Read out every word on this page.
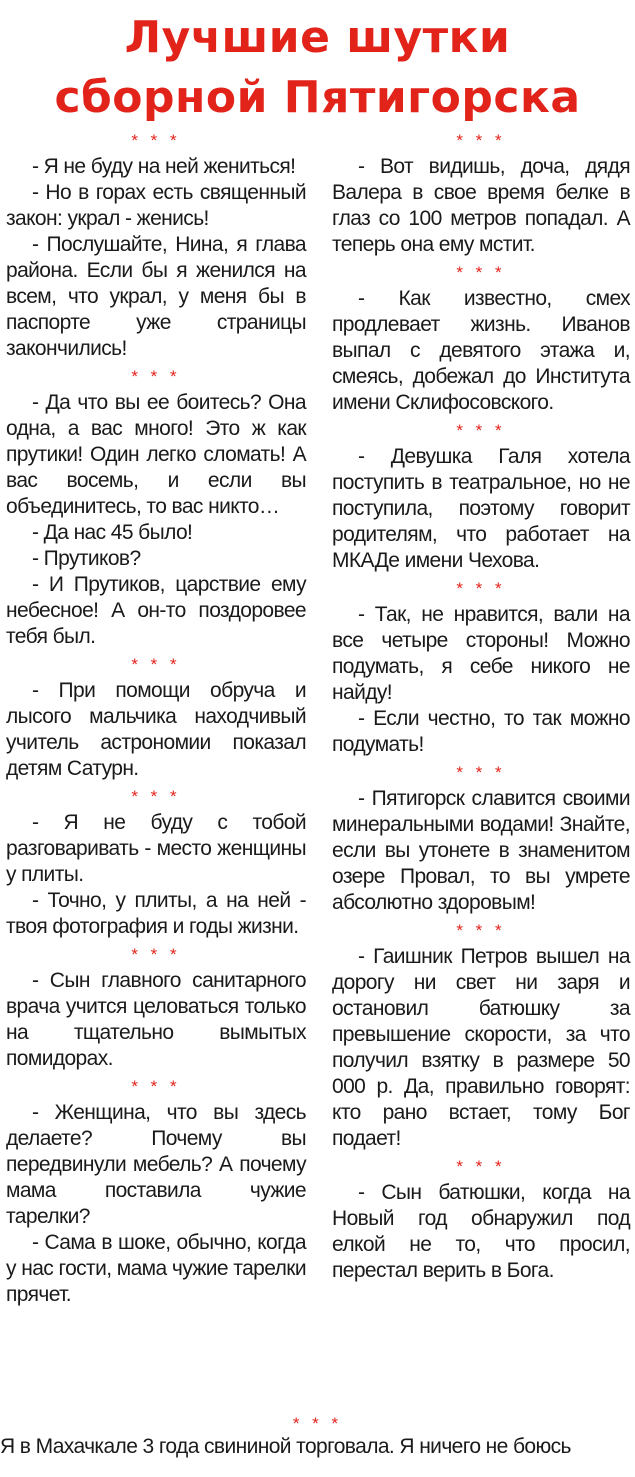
Лучшие шутки
сборной Пятигорска
* * *

- Я не буду на ней жениться!

- Но в горах есть священный закон: украл - женись!

- Послушайте, Нина, я глава района. Если бы я женился на всем, что украл, у меня бы в паспорте уже страницы закончились!

* * *

- Да что вы ее боитесь? Она одна, а вас много! Это ж как прутики! Один легко сломать! А вас восемь, и если вы объединитесь, то вас никто…

- Да нас 45 было!

- Прутиков?

- И Прутиков, царствие ему небесное! А он-то поздоровее тебя был.

* * *

- При помощи обруча и лысого мальчика находчивый учитель астрономии показал детям Сатурн.

* * *

- Я не буду с тобой разговаривать - место женщины у плиты.

- Точно, у плиты, а на ней - твоя фотография и годы жизни.

* * *

- Сын главного санитарного врача учится целоваться только на тщательно вымытых помидорах.

* * *

- Женщина, что вы здесь делаете? Почему вы передвинули мебель? А почему мама поставила чужие тарелки?

- Сама в шоке, обычно, когда у нас гости, мама чужие тарелки прячет.

* * *

- Вот видишь, доча, дядя Валера в свое время белке в глаз со 100 метров попадал. А теперь она ему мстит.

* * *

- Как известно, смех продлевает жизнь. Иванов выпал с девятого этажа и, смеясь, добежал до Института имени Склифосовского.

* * *

- Девушка Галя хотела поступить в театральное, но не поступила, поэтому говорит родителям, что работает на МКАДе имени Чехова.

* * *

- Так, не нравится, вали на все четыре стороны! Можно подумать, я себе никого не найду!

- Если честно, то так можно подумать!

* * *

- Пятигорск славится своими минеральными водами! Знайте, если вы утонете в знаменитом озере Провал, то вы умрете абсолютно здоровым!

* * *

- Гаишник Петров вышел на дорогу ни свет ни заря и остановил батюшку за превышение скорости, за что получил взятку в размере 50 000 р. Да, правильно говорят: кто рано встает, тому Бог подает!

* * *

- Сын батюшки, когда на Новый год обнаружил под елкой не то, что просил, перестал верить в Бога.

* * *
Я в Махачкале 3 года свининой торговала. Я ничего не боюсь
